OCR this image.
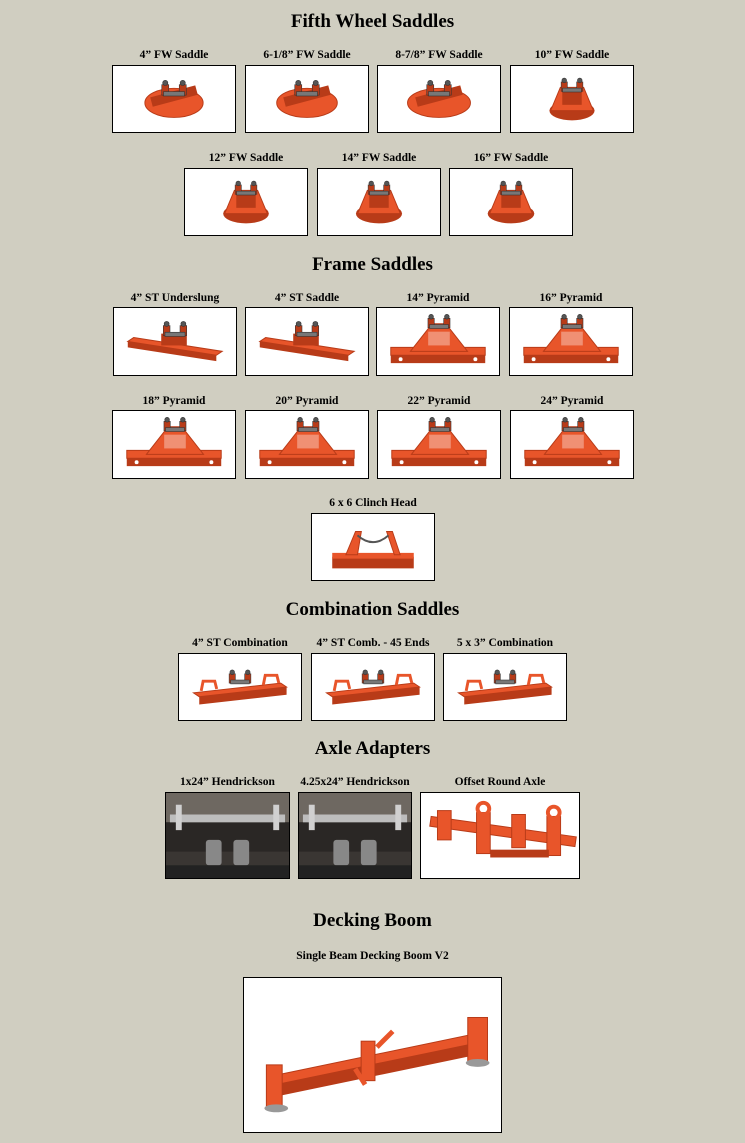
Fifth Wheel Saddles
4” FW Saddle	6-1/8” FW Saddle	8-7/8” FW Saddle	10” FW Saddle
12” FW Saddle	14” FW Saddle	16” FW Saddle
Frame Saddles
4” ST Underslung	4” ST Saddle	14” Pyramid	16” Pyramid
18” Pyramid	20” Pyramid	22” Pyramid	24” Pyramid
6 x 6 Clinch Head
Combination Saddles
4” ST Combination	4” ST Comb. - 45 Ends	5 x 3” Combination
Axle Adapters
1x24” Hendrickson	4.25x24” Hendrickson	Offset Round Axle
Decking Boom
Single Beam Decking Boom V2
